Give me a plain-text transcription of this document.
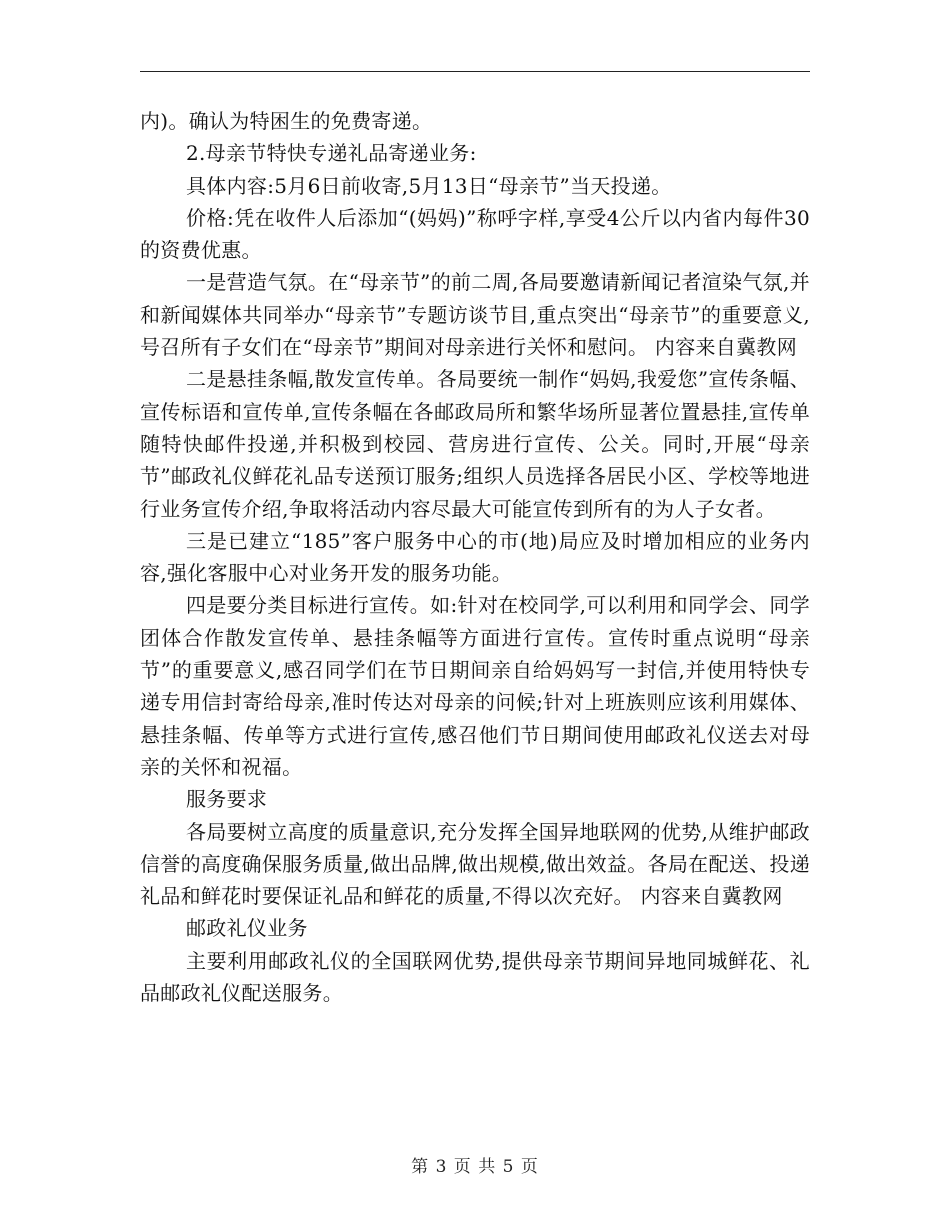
内)。确认为特困生的免费寄递。

2.母亲节特快专递礼品寄递业务:

具体内容:5月6日前收寄,5月13日“母亲节”当天投递。

价格:凭在收件人后添加“(妈妈)”称呼字样,享受4公斤以内省内每件30的资费优惠。

一是营造气氛。在“母亲节”的前二周,各局要邀请新闻记者渲染气氛,并和新闻媒体共同举办“母亲节”专题访谈节目,重点突出“母亲节”的重要意义,号召所有子女们在“母亲节”期间对母亲进行关怀和慰问。 内容来自冀教网

二是悬挂条幅,散发宣传单。各局要统一制作“妈妈,我爱您”宣传条幅、宣传标语和宣传单,宣传条幅在各邮政局所和繁华场所显著位置悬挂,宣传单随特快邮件投递,并积极到校园、营房进行宣传、公关。同时,开展“母亲节”邮政礼仪鲜花礼品专送预订服务;组织人员选择各居民小区、学校等地进行业务宣传介绍,争取将活动内容尽最大可能宣传到所有的为人子女者。

三是已建立“185”客户服务中心的市(地)局应及时增加相应的业务内容,强化客服中心对业务开发的服务功能。

四是要分类目标进行宣传。如:针对在校同学,可以利用和同学会、同学团体合作散发宣传单、悬挂条幅等方面进行宣传。宣传时重点说明“母亲节”的重要意义,感召同学们在节日期间亲自给妈妈写一封信,并使用特快专递专用信封寄给母亲,准时传达对母亲的问候;针对上班族则应该利用媒体、悬挂条幅、传单等方式进行宣传,感召他们节日期间使用邮政礼仪送去对母亲的关怀和祝福。

服务要求

各局要树立高度的质量意识,充分发挥全国异地联网的优势,从维护邮政信誉的高度确保服务质量,做出品牌,做出规模,做出效益。各局在配送、投递礼品和鲜花时要保证礼品和鲜花的质量,不得以次充好。 内容来自冀教网

邮政礼仪业务

主要利用邮政礼仪的全国联网优势,提供母亲节期间异地同城鲜花、礼品邮政礼仪配送服务。

第 3 页 共 5 页
